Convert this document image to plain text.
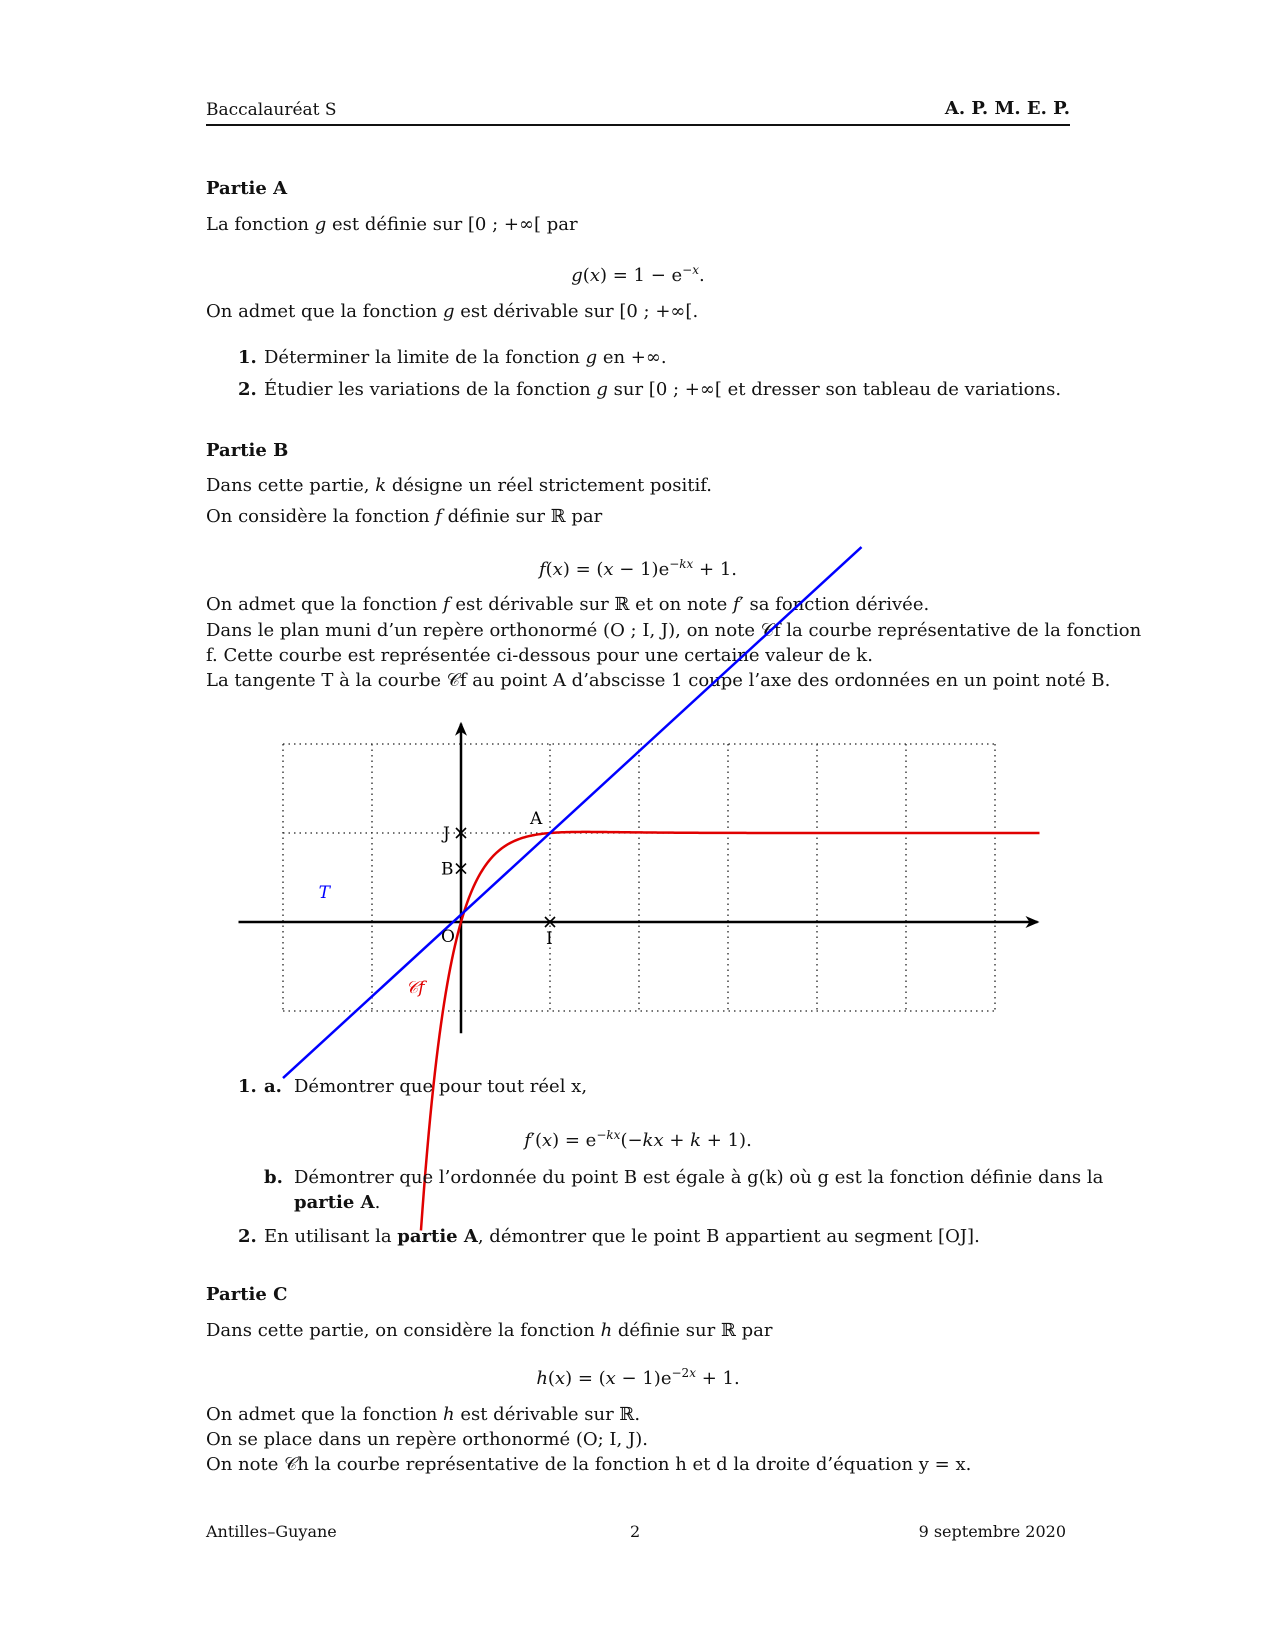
Baccalauréat S	A. P. M. E. P.
Partie A
La fonction g est définie sur [0 ; +∞[ par
$g(x) = 1 - e^{-x}$.
On admet que la fonction g est dérivable sur [0 ; +∞[.
1. Déterminer la limite de la fonction g en +∞.
2. Étudier les variations de la fonction g sur [0 ; +∞[ et dresser son tableau de variations.
Partie B
Dans cette partie, k désigne un réel strictement positif.
On considère la fonction f définie sur ℝ par
$f(x) = (x - 1)e^{-kx} + 1$.
On admet que la fonction f est dérivable sur ℝ et on note f′ sa fonction dérivée.
Dans le plan muni d’un repère orthonormé (O ; I, J), on note 𝒞f la courbe représentative de la fonction
f. Cette courbe est représentée ci-dessous pour une certaine valeur de k.
La tangente T à la courbe 𝒞f au point A d’abscisse 1 coupe l’axe des ordonnées en un point noté B.
T
𝒞f
O	I
J
A
B
1. a. Démontrer que pour tout réel x,
$f'(x) = e^{-kx}(-kx + k + 1)$.
b. Démontrer que l’ordonnée du point B est égale à g(k) où g est la fonction définie dans la
partie A.
2. En utilisant la partie A, démontrer que le point B appartient au segment [OJ].
Partie C
Dans cette partie, on considère la fonction h définie sur ℝ par
$h(x) = (x - 1)e^{-2x} + 1$.
On admet que la fonction h est dérivable sur ℝ.
On se place dans un repère orthonormé (O; I, J).
On note 𝒞h la courbe représentative de la fonction h et d la droite d’équation y = x.
Antilles–Guyane	2	9 septembre 2020
